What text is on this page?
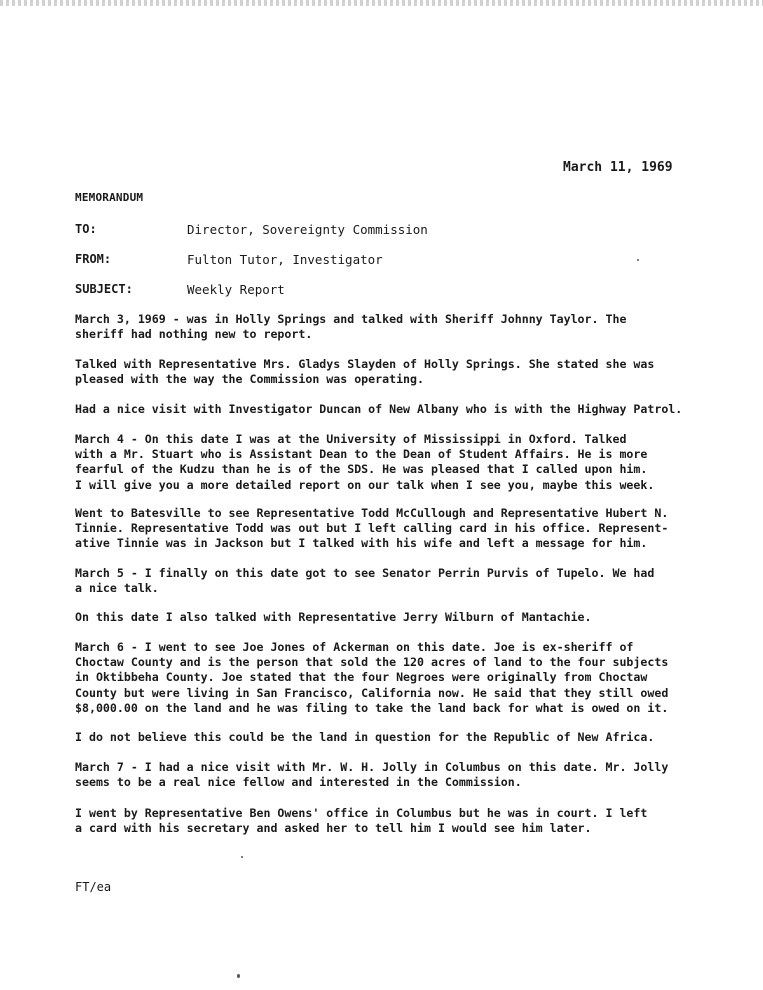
March 11, 1969
MEMORANDUM
TO:	Director, Sovereignty Commission
FROM:	Fulton Tutor, Investigator
SUBJECT:	Weekly Report

March 3, 1969 - was in Holly Springs and talked with Sheriff Johnny Taylor. The
sheriff had nothing new to report.

Talked with Representative Mrs. Gladys Slayden of Holly Springs. She stated she was
pleased with the way the Commission was operating.

Had a nice visit with Investigator Duncan of New Albany who is with the Highway Patrol.

March 4 - On this date I was at the University of Mississippi in Oxford. Talked
with a Mr. Stuart who is Assistant Dean to the Dean of Student Affairs. He is more
fearful of the Kudzu than he is of the SDS. He was pleased that I called upon him.
I will give you a more detailed report on our talk when I see you, maybe this week.

Went to Batesville to see Representative Todd McCullough and Representative Hubert N.
Tinnie. Representative Todd was out but I left calling card in his office. Represent-
ative Tinnie was in Jackson but I talked with his wife and left a message for him.

March 5 - I finally on this date got to see Senator Perrin Purvis of Tupelo. We had
a nice talk.

On this date I also talked with Representative Jerry Wilburn of Mantachie.

March 6 - I went to see Joe Jones of Ackerman on this date. Joe is ex-sheriff of
Choctaw County and is the person that sold the 120 acres of land to the four subjects
in Oktibbeha County. Joe stated that the four Negroes were originally from Choctaw
County but were living in San Francisco, California now. He said that they still owed
$8,000.00 on the land and he was filing to take the land back for what is owed on it.

I do not believe this could be the land in question for the Republic of New Africa.

March 7 - I had a nice visit with Mr. W. H. Jolly in Columbus on this date. Mr. Jolly
seems to be a real nice fellow and interested in the Commission.

I went by Representative Ben Owens' office in Columbus but he was in court. I left
a card with his secretary and asked her to tell him I would see him later.

FT/ea
